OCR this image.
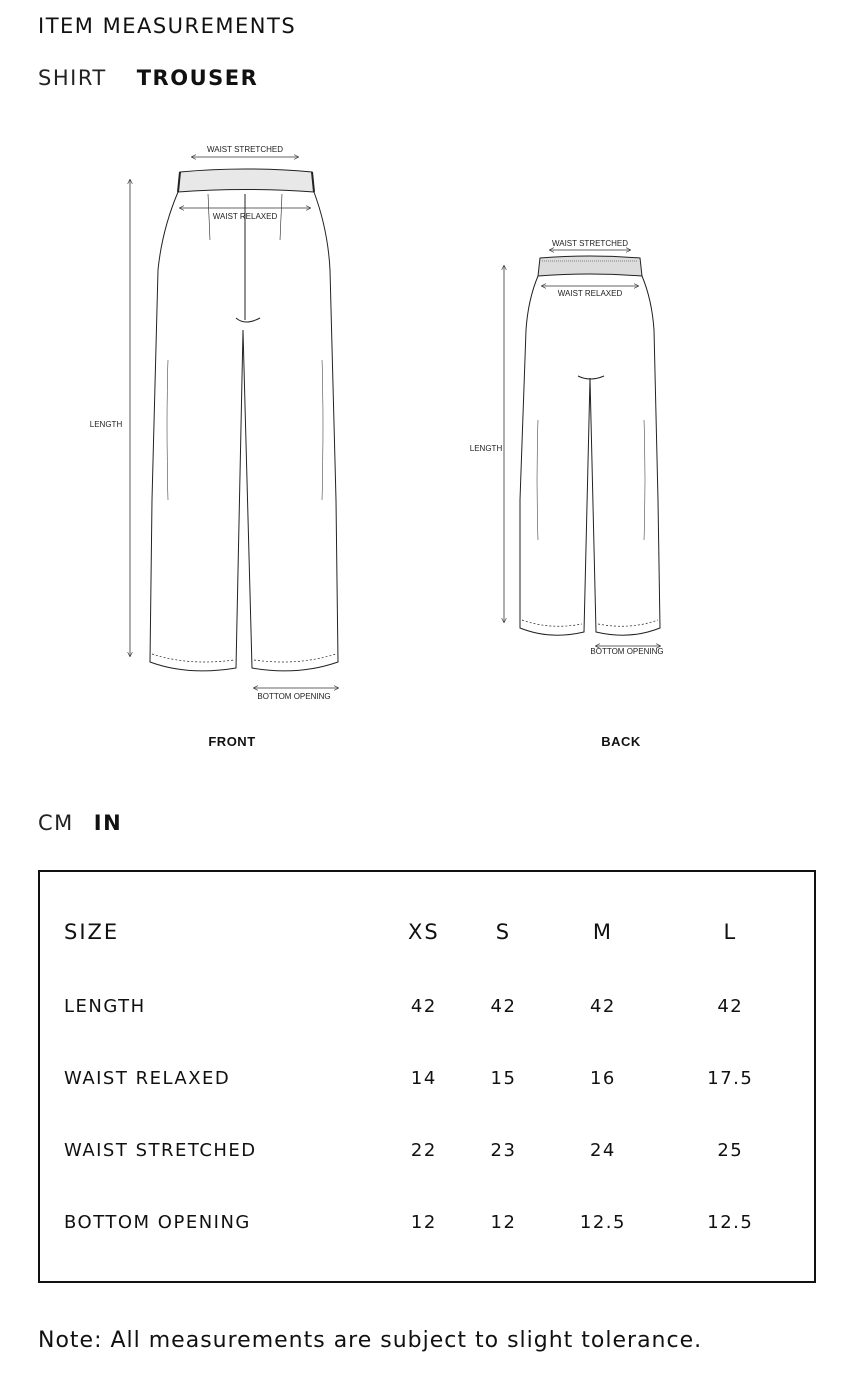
ITEM MEASUREMENTS
SHIRT TROUSER
WAIST STRETCHED
WAIST RELAXED
LENGTH
BOTTOM OPENING
FRONT
WAIST STRETCHED
WAIST RELAXED
LENGTH
BOTTOM OPENING
BACK
CM IN
SIZE	XS	S	M	L
LENGTH	42	42	42	42
WAIST RELAXED	14	15	16	17.5
WAIST STRETCHED	22	23	24	25
BOTTOM OPENING	12	12	12.5	12.5

Note: All measurements are subject to slight tolerance.
